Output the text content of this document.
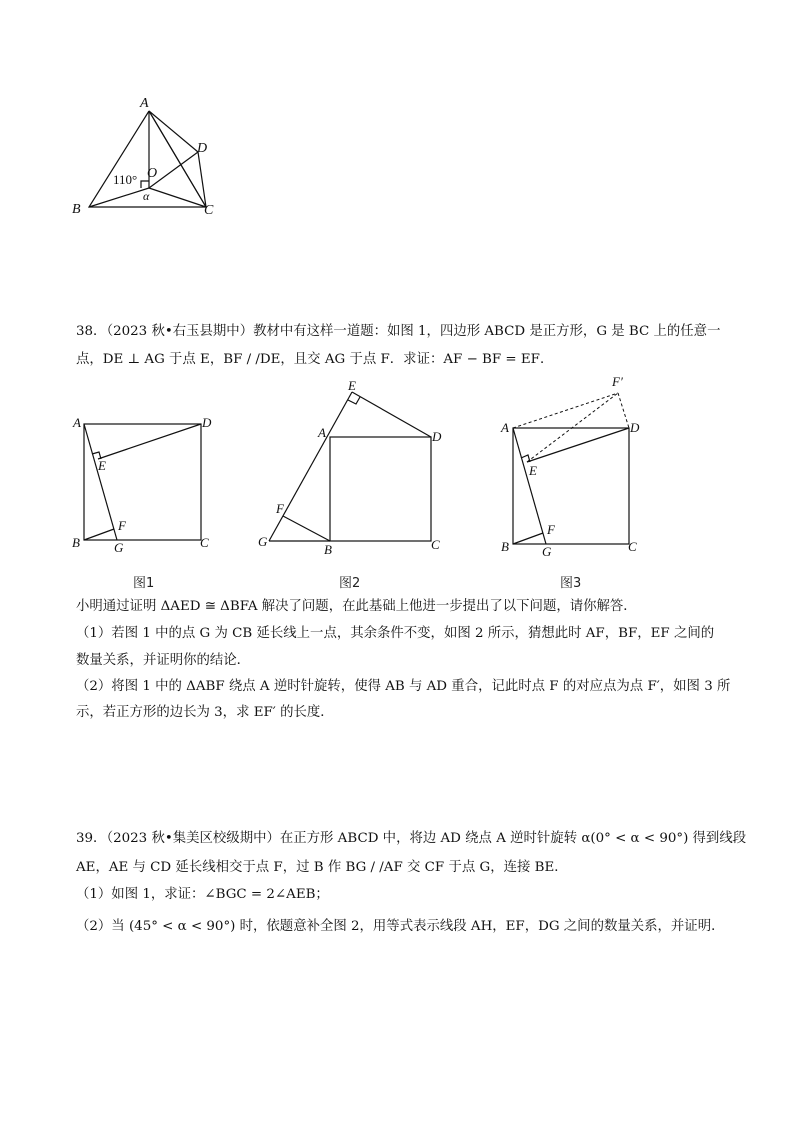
A
B	C
D
O
110°
α
38．（2023 秋•右玉县期中）教材中有这样一道题：如图 1，四边形 ABCD 是正方形，G 是 BC 上的任意一
点，DE ⊥ AG 于点 E，BF / /DE，且交 AG 于点 F．求证：AF − BF = EF．
A
B	C
D
E
F
G
E
A	D
F
G
B	C
F′
A	D
E
F
B	G	C
图1	图2	图3
小明通过证明 ΔAED ≅ ΔBFA 解决了问题，在此基础上他进一步提出了以下问题，请你解答．
（1）若图 1 中的点 G 为 CB 延长线上一点，其余条件不变，如图 2 所示，猜想此时 AF，BF，EF 之间的
数量关系，并证明你的结论．
（2）将图 1 中的 ΔABF 绕点 A 逆时针旋转，使得 AB 与 AD 重合，记此时点 F 的对应点为点 F′，如图 3 所
示，若正方形的边长为 3，求 EF′ 的长度．
39．（2023 秋•集美区校级期中）在正方形 ABCD 中，将边 AD 绕点 A 逆时针旋转 α(0° < α < 90°) 得到线段
AE，AE 与 CD 延长线相交于点 F，过 B 作 BG / /AF 交 CF 于点 G，连接 BE．
（1）如图 1，求证：∠BGC = 2∠AEB；
（2）当 (45° < α < 90°) 时，依题意补全图 2，用等式表示线段 AH，EF，DG 之间的数量关系，并证明．
